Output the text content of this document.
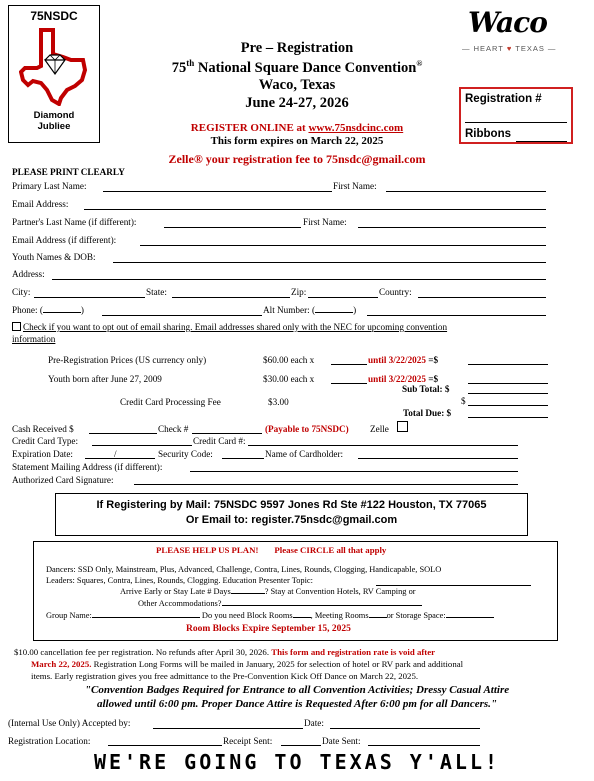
75NSDC
Diamond
Jubliee
Waco
— HEART ♥ TEXAS —
Pre – Registration
75th National Square Dance Convention®
Waco, Texas
June 24-27, 2026
REGISTER ONLINE at www.75nsdcinc.com
This form expires on March 22, 2025
Zelle® your registration fee to 75nsdc@gmail.com
Registration #
Ribbons
PLEASE PRINT CLEARLY
Primary Last Name:	First Name:
Email Address:
Partner's Last Name (if different):	First Name:
Email Address (if different):
Youth Names & DOB:
Address:
City:	State:	Zip:	Country:
Phone: (	)	Alt Number: (	)
Check if you want to opt out of email sharing. Email addresses shared only with the NEC for upcoming convention
information
Pre-Registration Prices (US currency only)	$60.00 each x	until 3/22/2025 =$
Youth born after June 27, 2009	$30.00 each x	until 3/22/2025 =$
Sub Total: $
Credit Card Processing Fee	$3.00	$
Total Due: $
Cash Received $	Check #	(Payable to 75NSDC) Zelle
Credit Card Type:	Credit Card #:
Expiration Date:	/	Security Code:	Name of Cardholder:
Statement Mailing Address (if different):
Authorized Card Signature:
If Registering by Mail: 75NSDC 9597 Jones Rd Ste #122 Houston, TX 77065
Or Email to: register.75nsdc@gmail.com
PLEASE HELP US PLAN! Please CIRCLE all that apply
Dancers: SSD Only, Mainstream, Plus, Advanced, Challenge, Contra, Lines, Rounds, Clogging, Handicapable, SOLO
Leaders: Squares, Contra, Lines, Rounds, Clogging. Education Presenter Topic:
Arrive Early or Stay Late # Days	? Stay at Convention Hotels, RV Camping or
Other Accommodations?
Group Name:	Do you need Block Rooms , Meeting Rooms or Storage Space:
Room Blocks Expire September 15, 2025
$10.00 cancellation fee per registration. No refunds after April 30, 2026. This form and registration rate is void after
March 22, 2025. Registration Long Forms will be mailed in January, 2025 for selection of hotel or RV park and additional
items. Early registration gives you free admittance to the Pre-Convention Kick Off Dance on March 22, 2025.
"Convention Badges Required for Entrance to all Convention Activities; Dressy Casual Attire
allowed until 6:00 pm. Proper Dance Attire is Requested After 6:00 pm for all Dancers."
(Internal Use Only) Accepted by:	Date:
Registration Location:	Receipt Sent:	Date Sent:
WE'RE GOING TO TEXAS Y'ALL!
